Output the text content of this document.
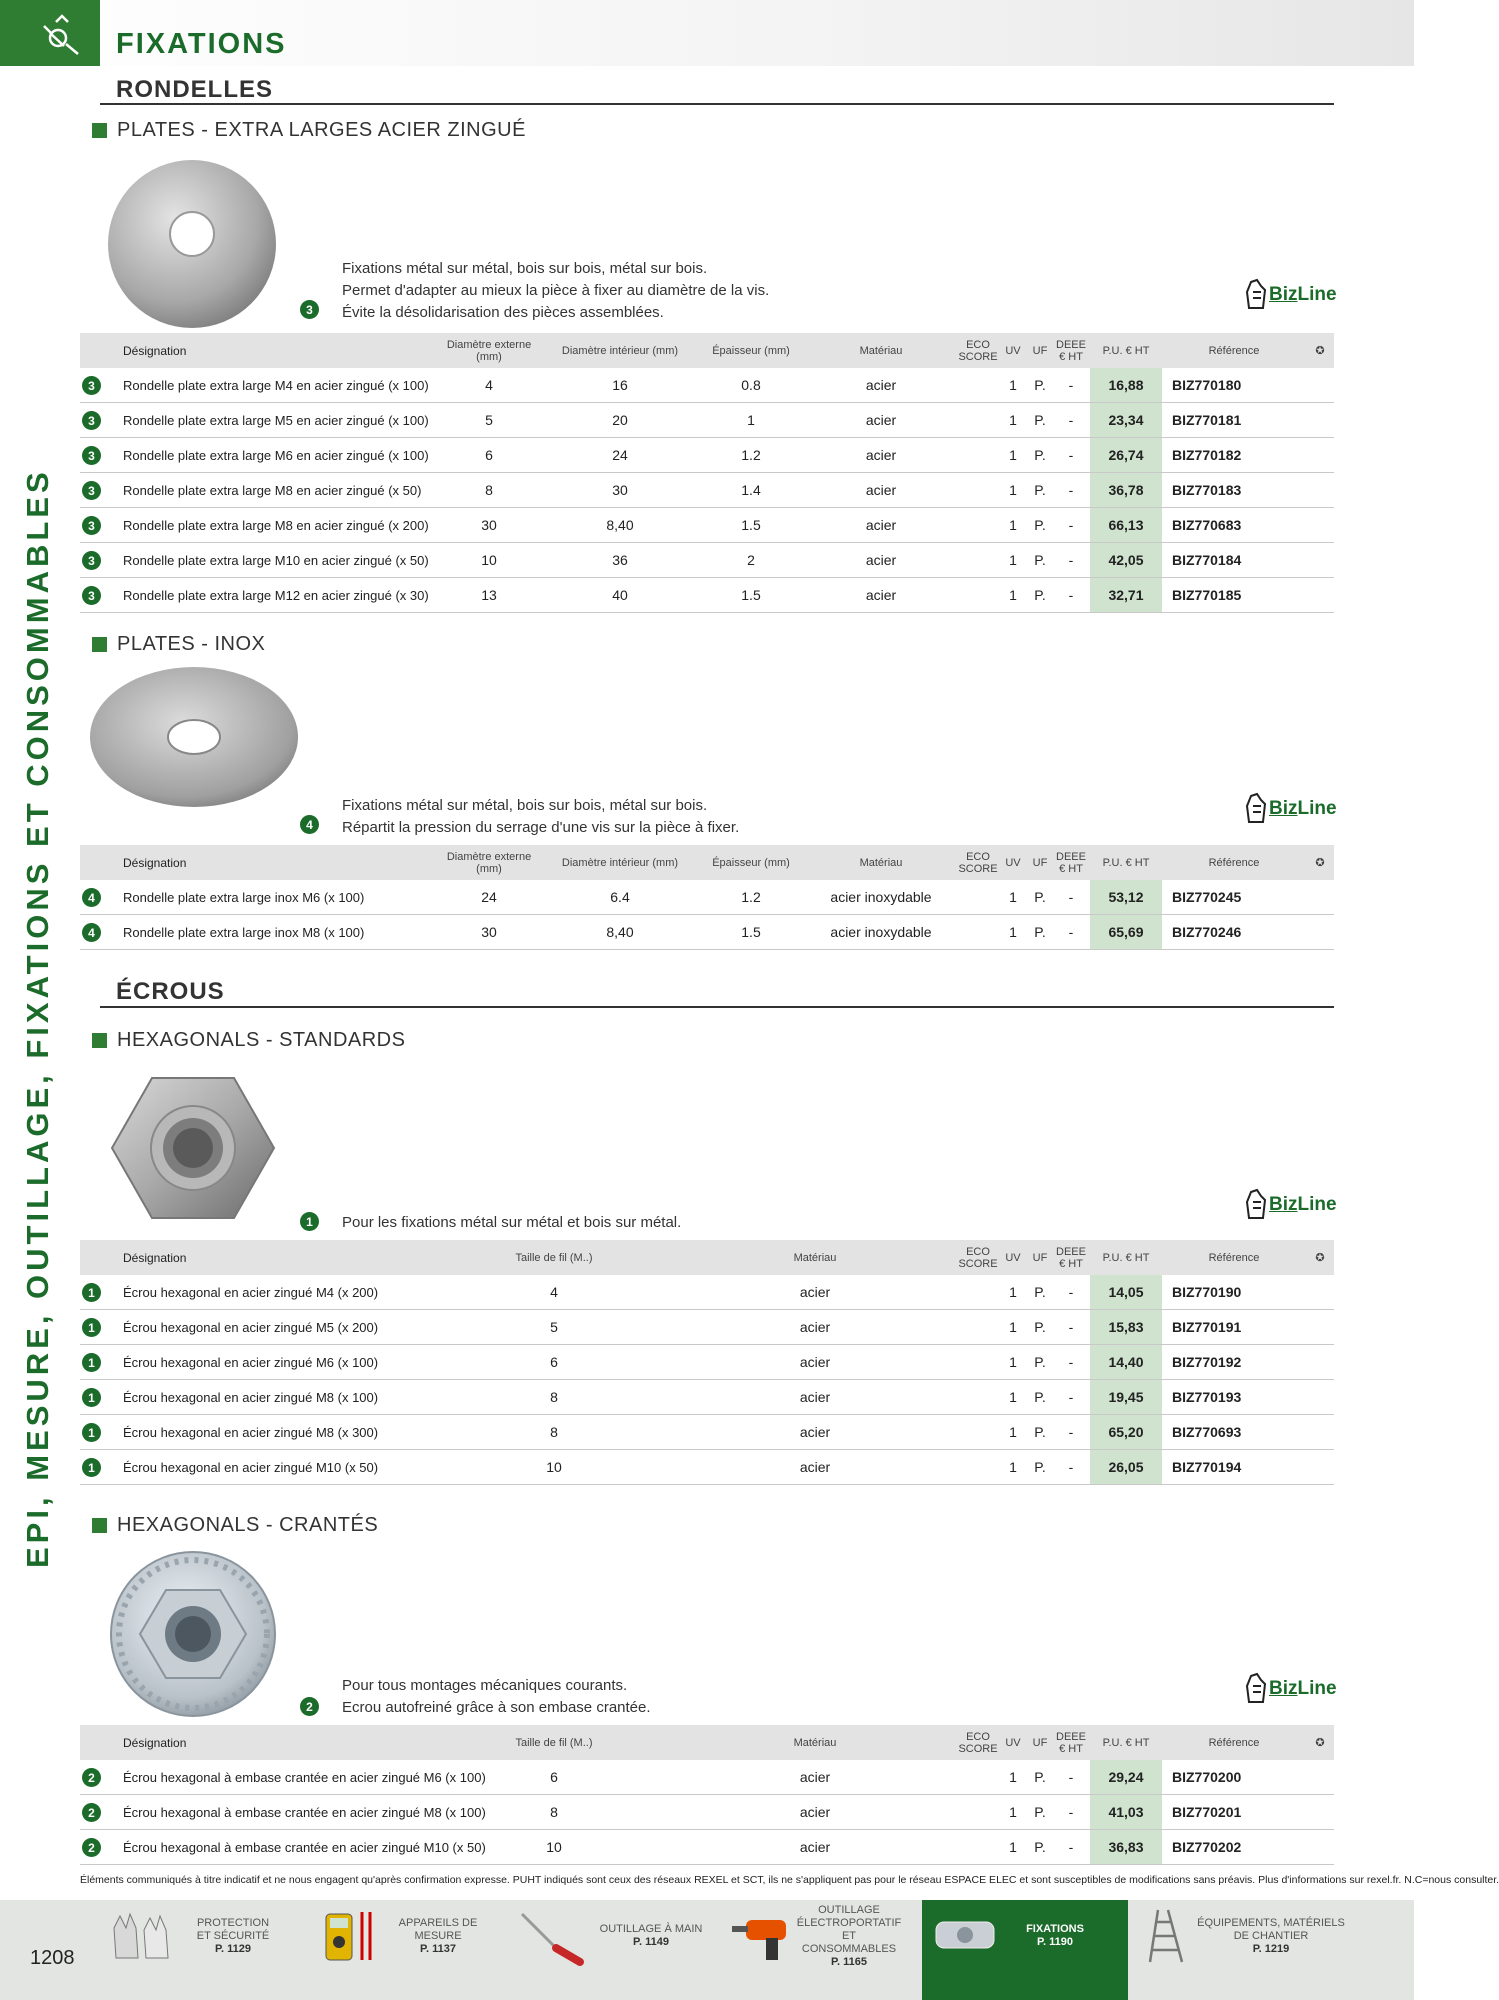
FIXATIONS
EPI, MESURE, OUTILLAGE, FIXATIONS ET CONSOMMABLES
RONDELLES
PLATES - EXTRA LARGES ACIER ZINGUÉ
3
Fixations métal sur métal, bois sur bois, métal sur bois.
Permet d'adapter au mieux la pièce à fixer au diamètre de la vis.
Évite la désolidarisation des pièces assemblées.
BizLine
Désignation	Diamètre externe (mm)	Diamètre intérieur (mm)	Épaisseur (mm)	Matériau	ECO SCORE	UV	UF	DEEE € HT	P.U. € HT	Référence	✪

3 Rondelle plate extra large M4 en acier zingué (x 100)	4	16	0.8	acier		1	P.	-	16,88	BIZ770180	

3 Rondelle plate extra large M5 en acier zingué (x 100)	5	20	1	acier		1	P.	-	23,34	BIZ770181	

3 Rondelle plate extra large M6 en acier zingué (x 100)	6	24	1.2	acier		1	P.	-	26,74	BIZ770182	

3 Rondelle plate extra large M8 en acier zingué (x 50)	8	30	1.4	acier		1	P.	-	36,78	BIZ770183	

3 Rondelle plate extra large M8 en acier zingué (x 200)	30	8,40	1.5	acier		1	P.	-	66,13	BIZ770683	

3 Rondelle plate extra large M10 en acier zingué (x 50)	10	36	2	acier		1	P.	-	42,05	BIZ770184	

3 Rondelle plate extra large M12 en acier zingué (x 30)	13	40	1.5	acier		1	P.	-	32,71	BIZ770185	
PLATES - INOX
4
Fixations métal sur métal, bois sur bois, métal sur bois.
Répartit la pression du serrage d'une vis sur la pièce à fixer.
BizLine
Désignation	Diamètre externe (mm)	Diamètre intérieur (mm)	Épaisseur (mm)	Matériau	ECO SCORE	UV	UF	DEEE € HT	P.U. € HT	Référence	✪

4 Rondelle plate extra large inox M6 (x 100)	24	6.4	1.2	acier inoxydable		1	P.	-	53,12	BIZ770245	

4 Rondelle plate extra large inox M8 (x 100)	30	8,40	1.5	acier inoxydable		1	P.	-	65,69	BIZ770246	
ÉCROUS
HEXAGONALS - STANDARDS
1	Pour les fixations métal sur métal et bois sur métal.
BizLine
Désignation	Taille de fil (M..)	Matériau	ECO SCORE	UV	UF	DEEE € HT	P.U. € HT	Référence	✪

1 Écrou hexagonal en acier zingué M4 (x 200)	4	acier		1	P.	-	14,05	BIZ770190	

1 Écrou hexagonal en acier zingué M5 (x 200)	5	acier		1	P.	-	15,83	BIZ770191	

1 Écrou hexagonal en acier zingué M6 (x 100)	6	acier		1	P.	-	14,40	BIZ770192	

1 Écrou hexagonal en acier zingué M8 (x 100)	8	acier		1	P.	-	19,45	BIZ770193	

1 Écrou hexagonal en acier zingué M8 (x 300)	8	acier		1	P.	-	65,20	BIZ770693	

1 Écrou hexagonal en acier zingué M10 (x 50)	10	acier		1	P.	-	26,05	BIZ770194	
HEXAGONALS - CRANTÉS
2
Pour tous montages mécaniques courants.
Ecrou autofreiné grâce à son embase crantée.
BizLine
Désignation	Taille de fil (M..)	Matériau	ECO SCORE	UV	UF	DEEE € HT	P.U. € HT	Référence	✪

2 Écrou hexagonal à embase crantée en acier zingué M6 (x 100)	6	acier		1	P.	-	29,24	BIZ770200	

2 Écrou hexagonal à embase crantée en acier zingué M8 (x 100)	8	acier		1	P.	-	41,03	BIZ770201	

2 Écrou hexagonal à embase crantée en acier zingué M10 (x 50)	10	acier		1	P.	-	36,83	BIZ770202	
Éléments communiqués à titre indicatif et ne nous engagent qu'après confirmation expresse. PUHT indiqués sont ceux des réseaux REXEL et SCT, ils ne s'appliquent pas pour le réseau ESPACE ELEC et sont susceptibles de modifications sans préavis. Plus d'informations sur rexel.fr. N.C=nous consulter.
1208
PROTECTION
ET SÉCURITÉ
P. 1129
APPAREILS DE MESURE
P. 1137
OUTILLAGE À MAIN
P. 1149
OUTILLAGE ÉLECTROPORTATIF
ET CONSOMMABLES
P. 1165
FIXATIONS
P. 1190
ÉQUIPEMENTS, MATÉRIELS
DE CHANTIER
P. 1219
